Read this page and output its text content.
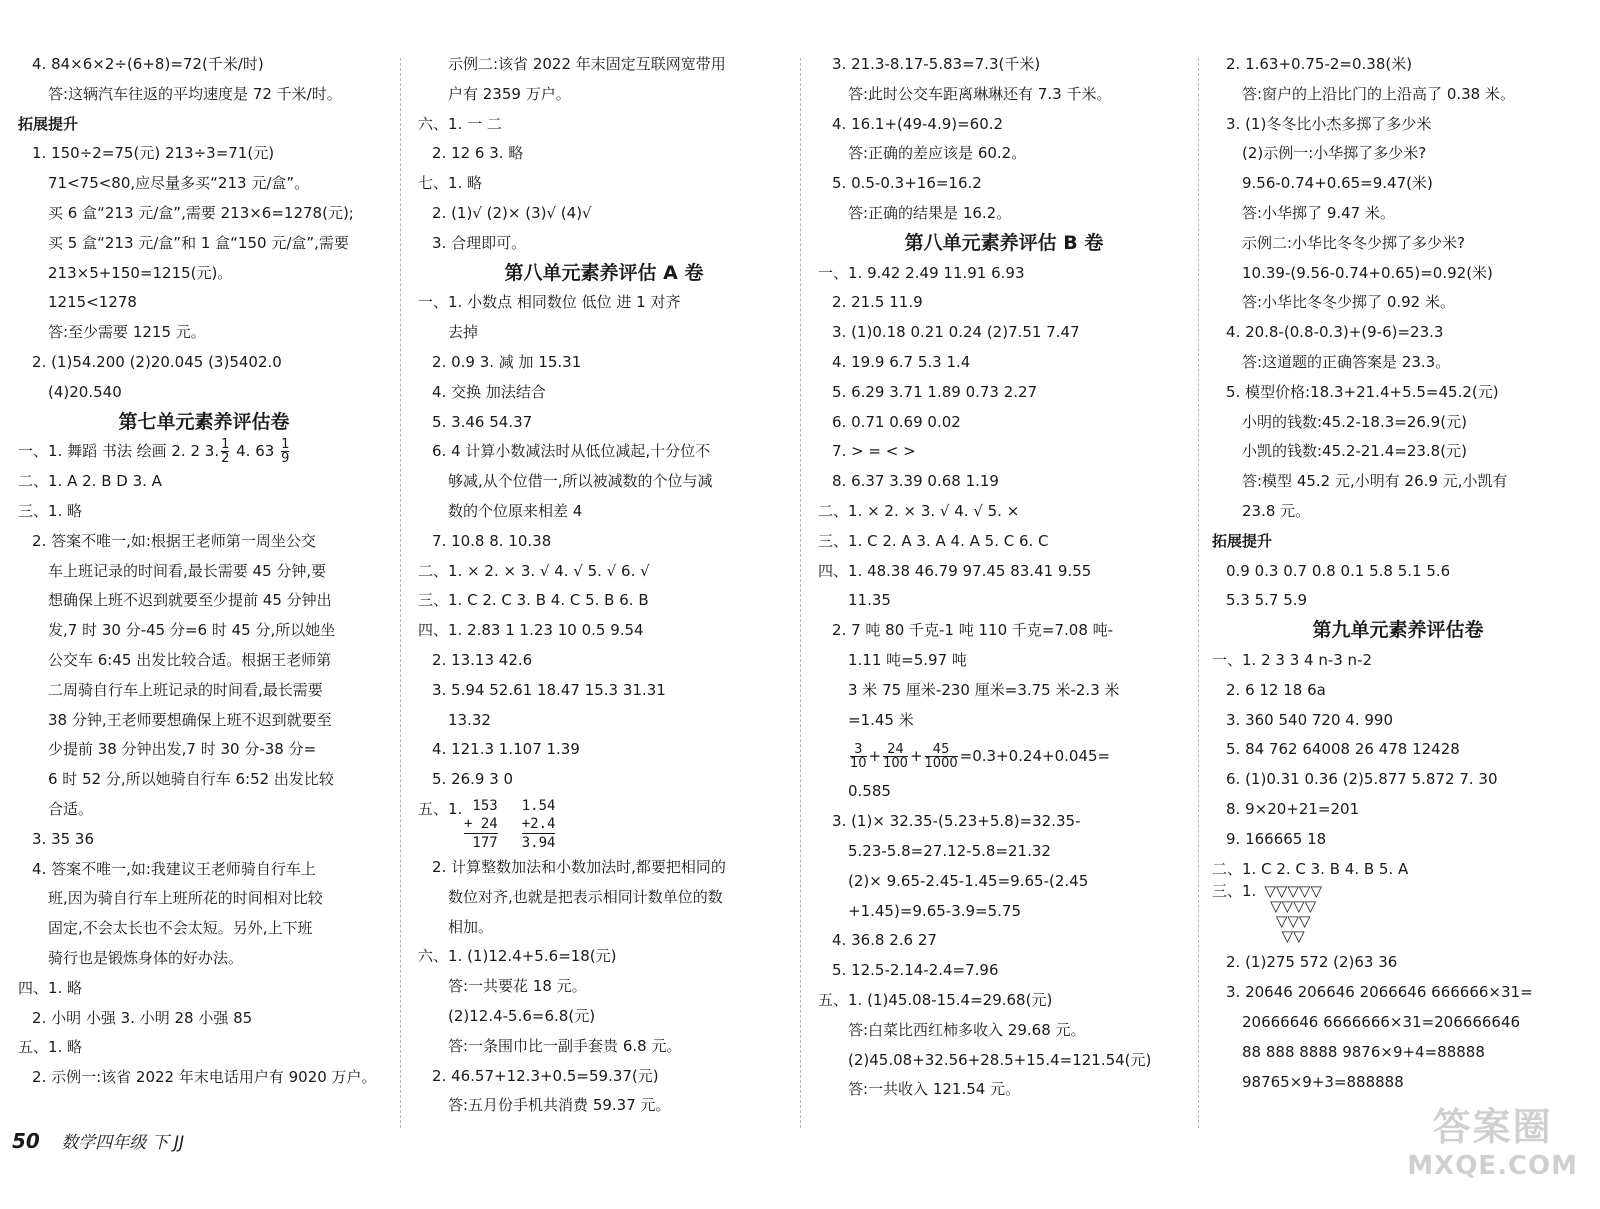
4. 84×6×2÷(6+8)=72(千米/时)
答:这辆汽车往返的平均速度是 72 千米/时。
拓展提升
1. 150÷2=75(元) 213÷3=71(元)
71<75<80,应尽量多买“213 元/盒”。
买 6 盒“213 元/盒”,需要 213×6=1278(元);
买 5 盒“213 元/盒”和 1 盒“150 元/盒”,需要
213×5+150=1215(元)。
1215<1278
答:至少需要 1215 元。
2. (1)54.200 (2)20.045 (3)5402.0
(4)20.540
第七单元素养评估卷
一、1. 舞蹈 书法 绘画 2. 2 3. $\frac{1}{2} 4$. $63 \frac{1}{9}$
二、1. A 2. B D 3. A
三、1. 略
2. 答案不唯一,如:根据王老师第一周坐公交
车上班记录的时间看,最长需要 45 分钟,要
想确保上班不迟到就要至少提前 45 分钟出
发,7 时 30 分-45 分=6 时 45 分,所以她坐
公交车 6:45 出发比较合适。根据王老师第
二周骑自行车上班记录的时间看,最长需要
38 分钟,王老师要想确保上班不迟到就要至
少提前 38 分钟出发,7 时 30 分-38 分=
6 时 52 分,所以她骑自行车 6:52 出发比较
合适。
3. 35 36
4. 答案不唯一,如:我建议王老师骑自行车上
班,因为骑自行车上班所花的时间相对比较
固定,不会太长也不会太短。另外,上下班
骑行也是锻炼身体的好办法。
四、1. 略
2. 小明 小强 3. 小明 28 小强 85
五、1. 略
2. 示例一:该省 2022 年末电话用户有 9020 万户。
示例二:该省 2022 年末固定互联网宽带用
户有 2359 万户。
六、1. 一 二
2. 12 6 3. 略
七、1. 略
2. (1)√ (2)× (3)√ (4)√
3. 合理即可。
第八单元素养评估 A 卷
一、1. 小数点 相同数位 低位 进 1 对齐
去掉
2. 0.9 3. 减 加 15.31
4. 交换 加法结合
5. 3.46 54.37
6. 4 计算小数减法时从低位减起,十分位不
够减,从个位借一,所以被减数的个位与减
数的个位原来相差 4
7. 10.8 8. 10.38
二、1. × 2. × 3. √ 4. √ 5. √ 6. √
三、1. C 2. C 3. B 4. C 5. B 6. B
四、1. 2.83 1 1.23 10 0.5 9.54
2. 13.13 42.6
3. 5.94 52.61 18.47 15.3 31.31
13.32
4. 121.3 1.107 1.39
5. 26.9 3 0
五、1. 153
+ 24
177
1.54
+2.4
3.94
2. 计算整数加法和小数加法时,都要把相同的
数位对齐,也就是把表示相同计数单位的数
相加。
六、1. (1)12.4+5.6=18(元)
答:一共要花 18 元。
(2)12.4-5.6=6.8(元)
答:一条围巾比一副手套贵 6.8 元。
2. 46.57+12.3+0.5=59.37(元)
答:五月份手机共消费 59.37 元。
3. 21.3-8.17-5.83=7.3(千米)
答:此时公交车距离琳琳还有 7.3 千米。
4. 16.1+(49-4.9)=60.2
答:正确的差应该是 60.2。
5. 0.5-0.3+16=16.2
答:正确的结果是 16.2。
第八单元素养评估 B 卷
一、1. 9.42 2.49 11.91 6.93
2. 21.5 11.9
3. (1)0.18 0.21 0.24 (2)7.51 7.47
4. 19.9 6.7 5.3 1.4
5. 6.29 3.71 1.89 0.73 2.27
6. 0.71 0.69 0.02
7. > = < >
8. 6.37 3.39 0.68 1.19
二、1. × 2. × 3. √ 4. √ 5. ×
三、1. C 2. A 3. A 4. A 5. C 6. C
四、1. 48.38 46.79 97.45 83.41 9.55
11.35
2. 7 吨 80 千克-1 吨 110 千克=7.08 吨-
1.11 吨=5.97 吨
3 米 75 厘米-230 厘米=3.75 米-2.3 米
=1.45 米
$\frac{3}{10} + \frac{24}{100} + \frac{45}{1000} =0.3+0.24+0.045=$
0.585
3. (1)× 32.35-(5.23+5.8)=32.35-
5.23-5.8=27.12-5.8=21.32
(2)× 9.65-2.45-1.45=9.65-(2.45
+1.45)=9.65-3.9=5.75
4. 36.8 2.6 27
5. 12.5-2.14-2.4=7.96
五、1. (1)45.08-15.4=29.68(元)
答:白菜比西红柿多收入 29.68 元。
(2)45.08+32.56+28.5+15.4=121.54(元)
答:一共收入 121.54 元。
2. 1.63+0.75-2=0.38(米)
答:窗户的上沿比门的上沿高了 0.38 米。
3. (1)冬冬比小杰多掷了多少米
(2)示例一:小华掷了多少米?
9.56-0.74+0.65=9.47(米)
答:小华掷了 9.47 米。
示例二:小华比冬冬少掷了多少米?
10.39-(9.56-0.74+0.65)=0.92(米)
答:小华比冬冬少掷了 0.92 米。
4. 20.8-(0.8-0.3)+(9-6)=23.3
答:这道题的正确答案是 23.3。
5. 模型价格:18.3+21.4+5.5=45.2(元)
小明的钱数:45.2-18.3=26.9(元)
小凯的钱数:45.2-21.4=23.8(元)
答:模型 45.2 元,小明有 26.9 元,小凯有
23.8 元。
拓展提升
0.9 0.3 0.7 0.8 0.1 5.8 5.1 5.6
5.3 5.7 5.9
第九单元素养评估卷
一、1. 2 3 3 4 n-3 n-2
2. 6 12 18 6a
3. 360 540 720 4. 990
5. 84 762 64008 26 478 12428
6. (1)0.31 0.36 (2)5.877 5.872 7. 30
8. 9×20+21=201
9. 166665 18
二、1. C 2. C 3. B 4. B 5. A
三、1. ▽▽▽▽▽
▽▽▽▽
▽▽▽
▽▽
2. (1)275 572 (2)63 36
3. 20646 206646 2066646 666666×31=
20666646 6666666×31=206666646
88 888 8888 9876×9+4=88888
98765×9+3=888888
50 数学四年级 下 JJ	答案圈
MXQE.COM
